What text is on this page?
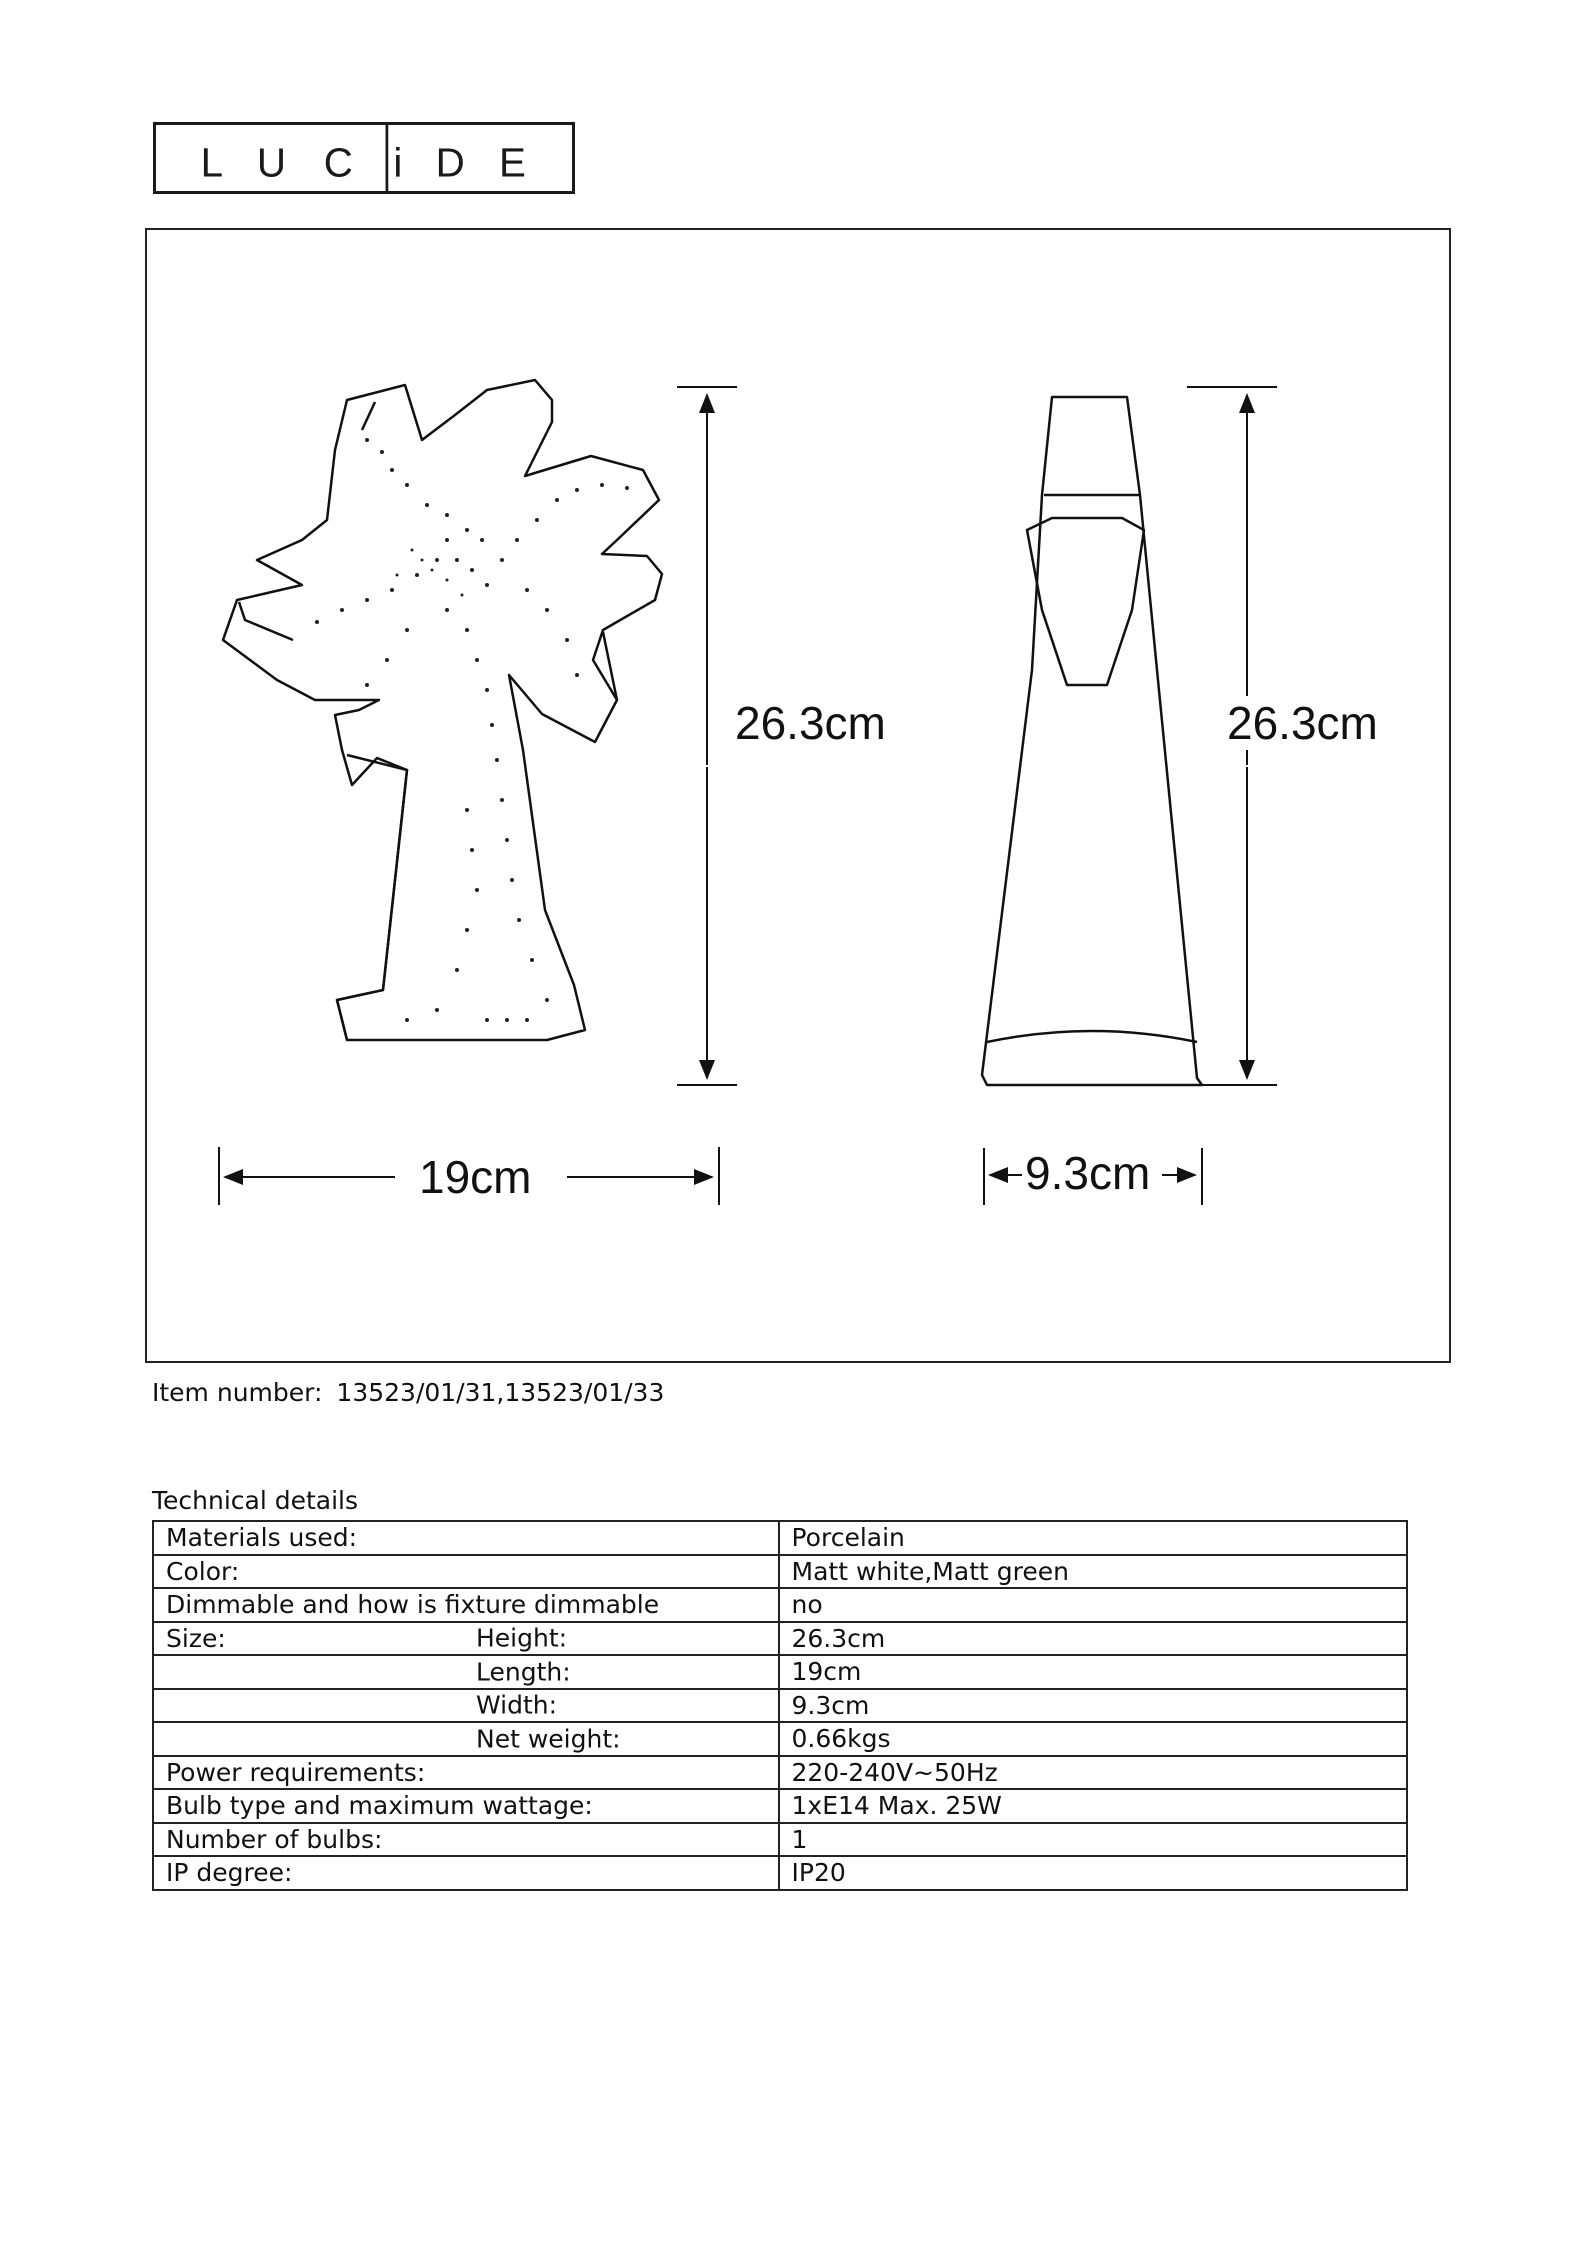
L U C i D E
26.3cm
19cm
26.3cm
9.3cm
Item number: 13523/01/31,13523/01/33
Technical details
Materials used:	Porcelain
Color:	Matt white,Matt green
Dimmable and how is fixture dimmable	no
Size: Height:	26.3cm

Length:	19cm

Width:	9.3cm

Net weight:	0.66kgs
Power requirements:	220-240V~50Hz
Bulb type and maximum wattage:	1xE14 Max. 25W
Number of bulbs:	1
IP degree:	IP20
